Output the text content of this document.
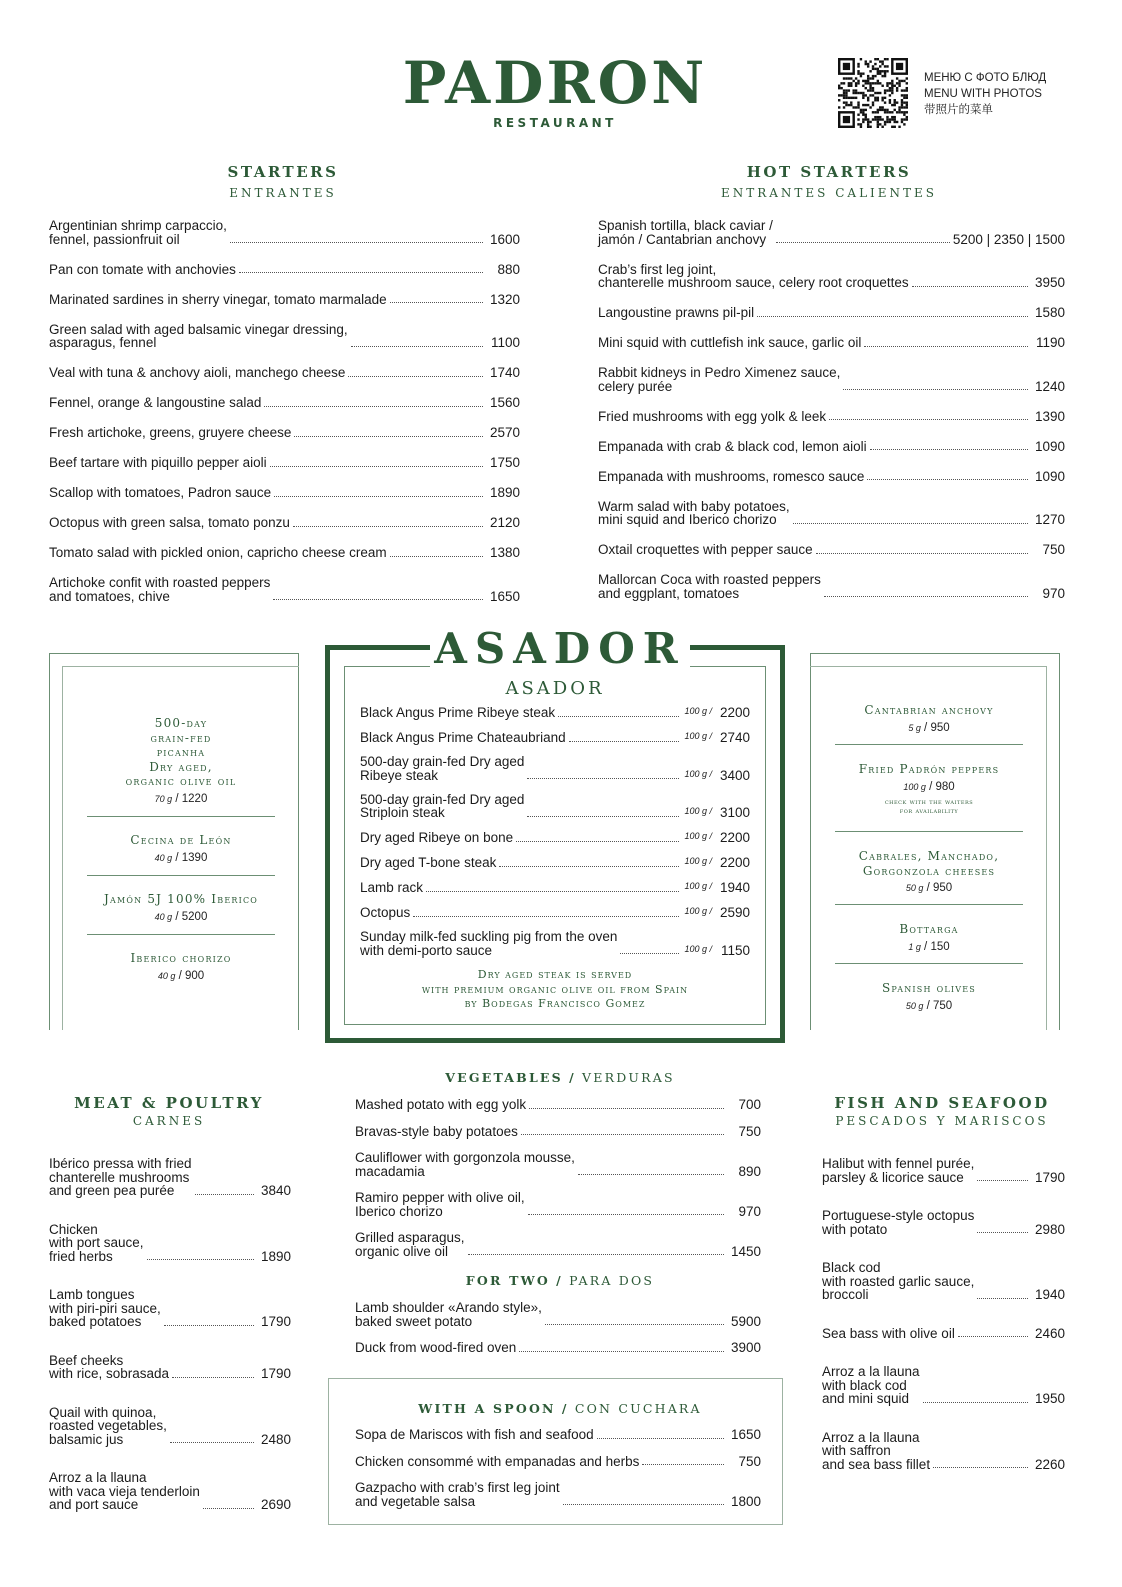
PADRON
RESTAURANT
МЕНЮ С ФОТО БЛЮД
MENU WITH PHOTOS
带照片的菜单
STARTERS
ENTRANTES
Argentinian shrimp carpaccio,
fennel, passionfruit oil	1600
Pan con tomate with anchovies	880
Marinated sardines in sherry vinegar, tomato marmalade	1320
Green salad with aged balsamic vinegar dressing,
asparagus, fennel	1100
Veal with tuna & anchovy aioli, manchego cheese	1740
Fennel, orange & langoustine salad	1560
Fresh artichoke, greens, gruyere cheese	2570
Beef tartare with piquillo pepper aioli	1750
Scallop with tomatoes, Padron sauce	1890
Octopus with green salsa, tomato ponzu	2120
Tomato salad with pickled onion, capricho cheese cream	1380
Artichoke confit with roasted peppers
and tomatoes, chive	1650
HOT STARTERS
ENTRANTES CALIENTES
Spanish tortilla, black caviar /
jamón / Cantabrian anchovy	5200 | 2350 | 1500
Crab’s first leg joint,
chanterelle mushroom sauce, celery root croquettes	3950
Langoustine prawns pil-pil	1580
Mini squid with cuttlefish ink sauce, garlic oil	1190
Rabbit kidneys in Pedro Ximenez sauce,
celery purée	1240
Fried mushrooms with egg yolk & leek	1390
Empanada with crab & black cod, lemon aioli	1090
Empanada with mushrooms, romesco sauce	1090
Warm salad with baby potatoes,
mini squid and Iberico chorizo	1270
Oxtail croquettes with pepper sauce	750
Mallorcan Coca with roasted peppers
and eggplant, tomatoes	970
ASADOR
ASADOR
Black Angus Prime Ribeye steak	100 g / 2200
Black Angus Prime Chateaubriand	100 g / 2740
500-day grain-fed Dry aged
Ribeye steak	100 g / 3400
500-day grain-fed Dry aged
Striploin steak	100 g / 3100
Dry aged Ribeye on bone	100 g / 2200
Dry aged T-bone steak	100 g / 2200
Lamb rack	100 g / 1940
Octopus	100 g / 2590
Sunday milk-fed suckling pig from the oven
with demi-porto sauce	100 g / 1150
Dry aged steak is served
with premium organic olive oil from Spain
by Bodegas Francisco Gomez
500-day
grain-fed
picanha
Dry aged,
organic olive oil
70 g / 1220
Cecina de León
40 g / 1390
Jamón 5J 100% Iberico
40 g / 5200
Iberico chorizo
40 g / 900
Cantabrian anchovy
5 g / 950
Fried Padrón peppers
100 g / 980
check with the waiters
for availability
Cabrales, Manchado,
Gorgonzola cheeses
50 g / 950
Bottarga
1 g / 150
Spanish olives
50 g / 750
MEAT & POULTRY
CARNES
Ibérico pressa with fried
chanterelle mushrooms
and green pea purée	3840
Chicken
with port sauce,
fried herbs	1890
Lamb tongues
with piri-piri sauce,
baked potatoes	1790
Beef cheeks
with rice, sobrasada	1790
Quail with quinoa,
roasted vegetables,
balsamic jus	2480
Arroz a la llauna
with vaca vieja tenderloin
and port sauce	2690
VEGETABLES / VERDURAS
Mashed potato with egg yolk	700
Bravas-style baby potatoes	750
Cauliflower with gorgonzola mousse,
macadamia	890
Ramiro pepper with olive oil,
Iberico chorizo	970
Grilled asparagus,
organic olive oil	1450
FOR TWO / PARA DOS
Lamb shoulder «Arando style»,
baked sweet potato	5900
Duck from wood-fired oven	3900
WITH A SPOON / CON CUCHARA
Sopa de Mariscos with fish and seafood	1650
Chicken consommé with empanadas and herbs	750
Gazpacho with crab’s first leg joint
and vegetable salsa	1800
FISH AND SEAFOOD
PESCADOS Y MARISCOS
Halibut with fennel purée,
parsley & licorice sauce	1790
Portuguese-style octopus
with potato	2980
Black cod
with roasted garlic sauce,
broccoli	1940
Sea bass with olive oil	2460
Arroz a la llauna
with black cod
and mini squid	1950
Arroz a la llauna
with saffron
and sea bass fillet	2260
